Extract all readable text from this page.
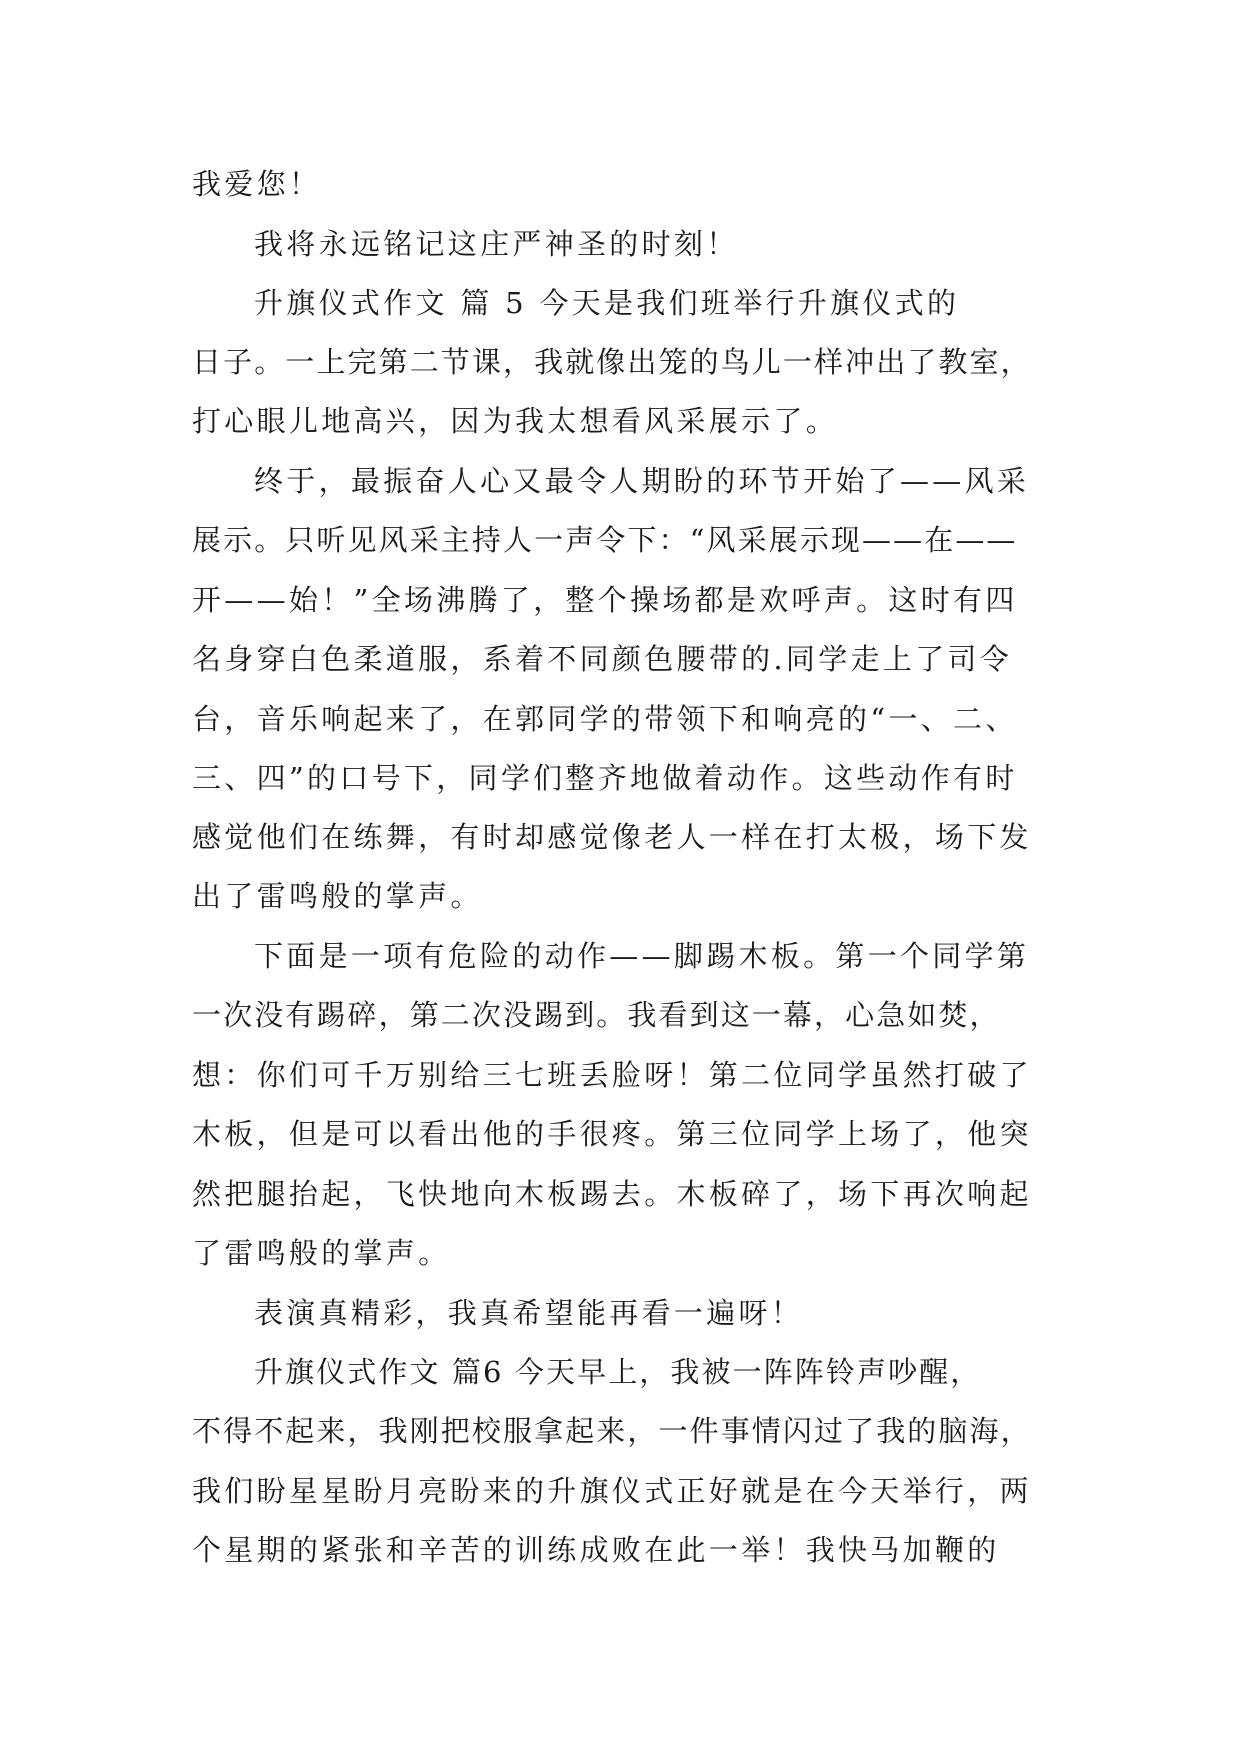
我爱您！

我将永远铭记这庄严神圣的时刻！

升旗仪式作文 篇 5 今天是我们班举行升旗仪式的

日子。一上完第二节课，我就像出笼的鸟儿一样冲出了教室，

打心眼儿地高兴，因为我太想看风采展示了。

终于，最振奋人心又最令人期盼的环节开始了——风采

展示。只听见风采主持人一声令下：“风采展示现——在——

开——始！”全场沸腾了，整个操场都是欢呼声。这时有四

名身穿白色柔道服，系着不同颜色腰带的.同学走上了司令

台，音乐响起来了，在郭同学的带领下和响亮的“一、二、

三、四”的口号下，同学们整齐地做着动作。这些动作有时

感觉他们在练舞，有时却感觉像老人一样在打太极，场下发

出了雷鸣般的掌声。

下面是一项有危险的动作——脚踢木板。第一个同学第

一次没有踢碎，第二次没踢到。我看到这一幕，心急如焚，

想：你们可千万别给三七班丢脸呀！第二位同学虽然打破了

木板，但是可以看出他的手很疼。第三位同学上场了，他突

然把腿抬起，飞快地向木板踢去。木板碎了，场下再次响起

了雷鸣般的掌声。

表演真精彩，我真希望能再看一遍呀！

升旗仪式作文 篇6 今天早上，我被一阵阵铃声吵醒，

不得不起来，我刚把校服拿起来，一件事情闪过了我的脑海，

我们盼星星盼月亮盼来的升旗仪式正好就是在今天举行，两

个星期的紧张和辛苦的训练成败在此一举！我快马加鞭的
